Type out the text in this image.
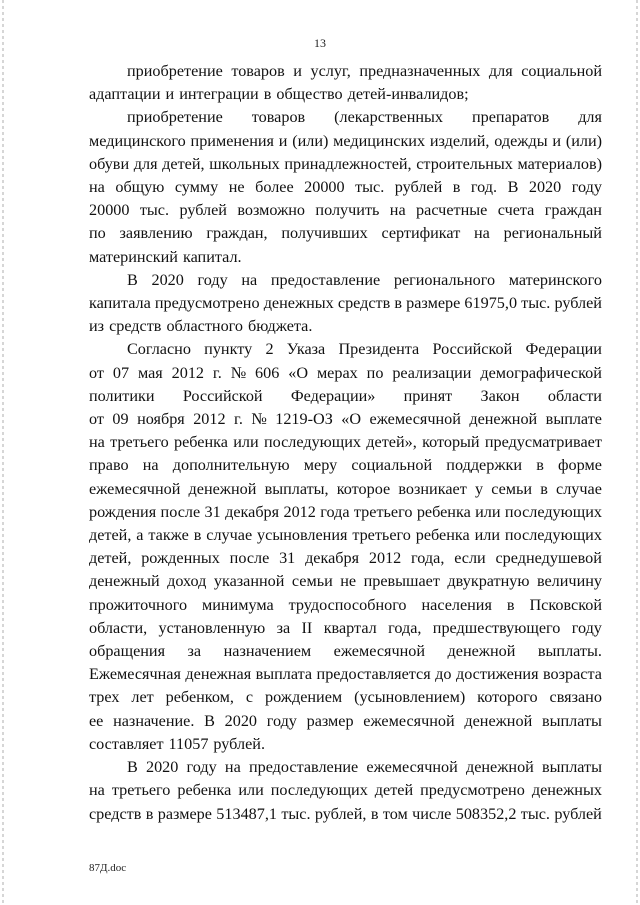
13
приобретение товаров и услуг, предназначенных для социальной
адаптации и интеграции в общество детей-инвалидов;
приобретение товаров (лекарственных препаратов для
медицинского применения и (или) медицинских изделий, одежды и (или)
обуви для детей, школьных принадлежностей, строительных материалов)
на общую сумму не более 20000 тыс. рублей в год. В 2020 году
20000 тыс. рублей возможно получить на расчетные счета граждан
по заявлению граждан, получивших сертификат на региональный
материнский капитал.
В 2020 году на предоставление регионального материнского
капитала предусмотрено денежных средств в размере 61975,0 тыс. рублей
из средств областного бюджета.
Согласно пункту 2 Указа Президента Российской Федерации
от 07 мая 2012 г. № 606 «О мерах по реализации демографической
политики Российской Федерации» принят Закон области
от 09 ноября 2012 г. № 1219-ОЗ «О ежемесячной денежной выплате
на третьего ребенка или последующих детей», который предусматривает
право на дополнительную меру социальной поддержки в форме
ежемесячной денежной выплаты, которое возникает у семьи в случае
рождения после 31 декабря 2012 года третьего ребенка или последующих
детей, а также в случае усыновления третьего ребенка или последующих
детей, рожденных после 31 декабря 2012 года, если среднедушевой
денежный доход указанной семьи не превышает двукратную величину
прожиточного минимума трудоспособного населения в Псковской
области, установленную за II квартал года, предшествующего году
обращения за назначением ежемесячной денежной выплаты.
Ежемесячная денежная выплата предоставляется до достижения возраста
трех лет ребенком, с рождением (усыновлением) которого связано
ее назначение. В 2020 году размер ежемесячной денежной выплаты
составляет 11057 рублей.
В 2020 году на предоставление ежемесячной денежной выплаты
на третьего ребенка или последующих детей предусмотрено денежных
средств в размере 513487,1 тыс. рублей, в том числе 508352,2 тыс. рублей
87Д.doc
